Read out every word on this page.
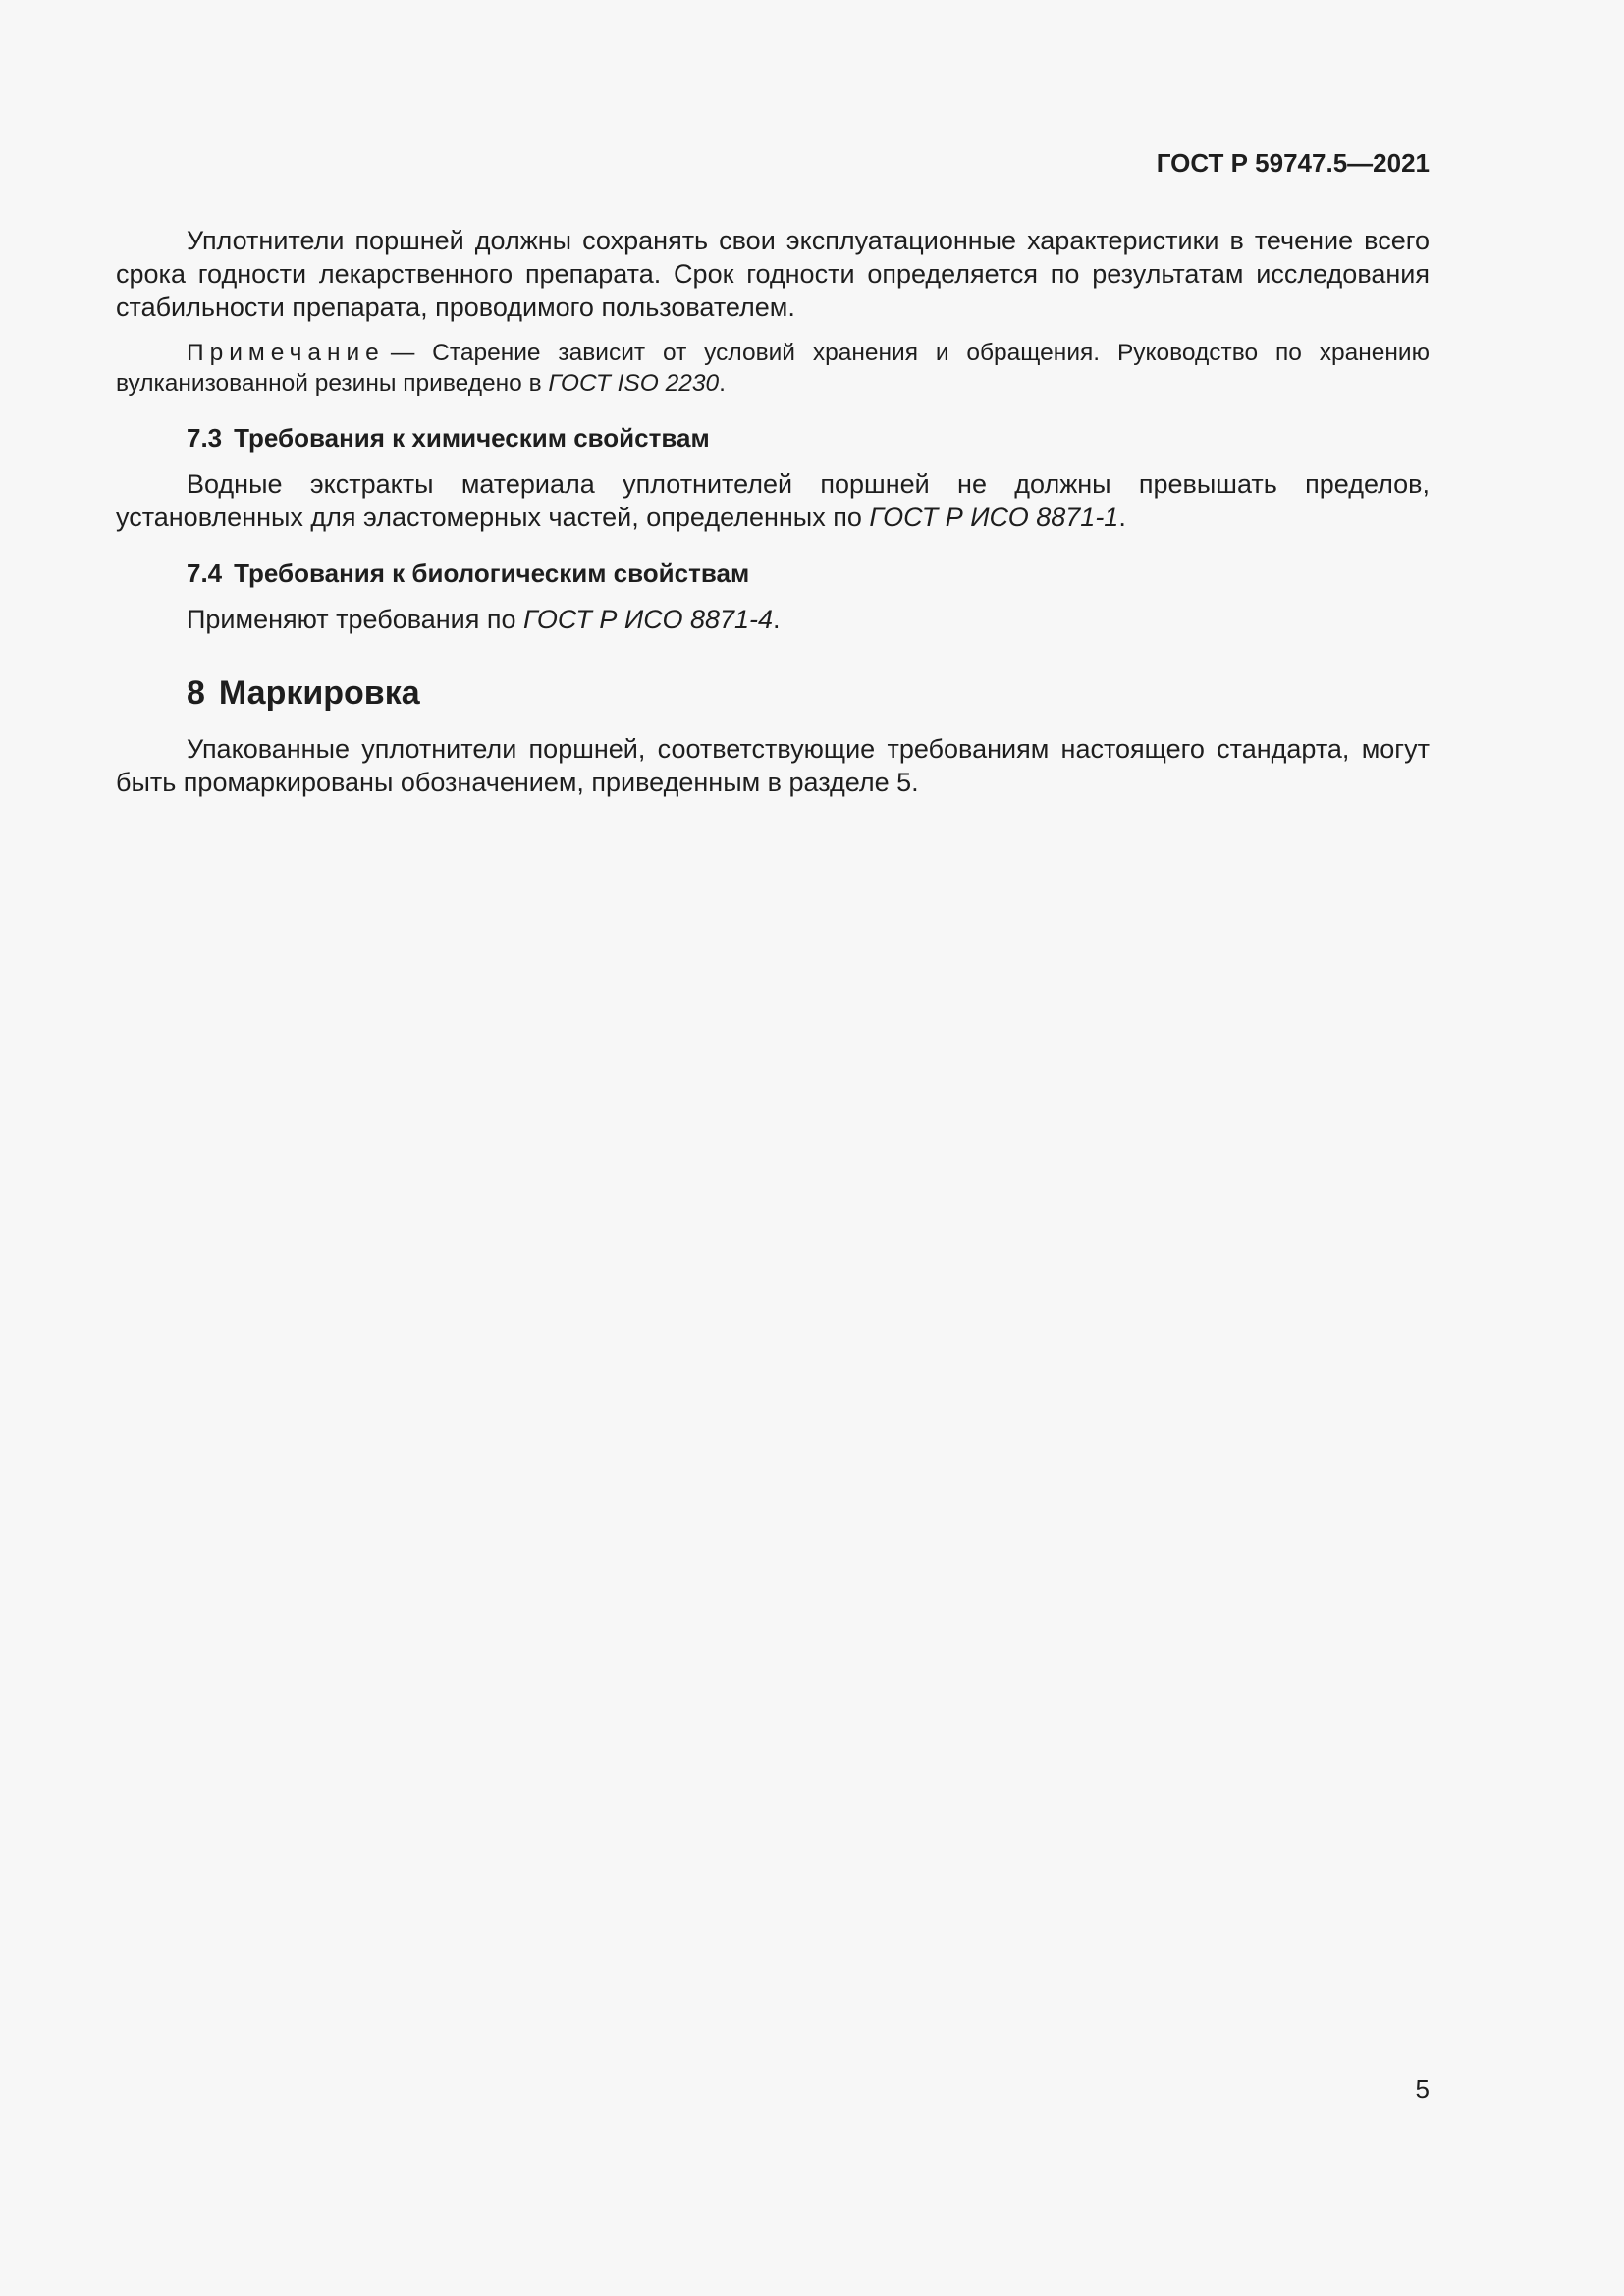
ГОСТ Р 59747.5—2021

Уплотнители поршней должны сохранять свои эксплуатационные характеристики в течение всего срока годности лекарственного препарата. Срок годности определяется по результатам исследования стабильности препарата, проводимого пользователем.

Примечание — Старение зависит от условий хранения и обращения. Руководство по хранению вулканизованной резины приведено в ГОСТ ISO 2230.

7.3 Требования к химическим свойствам

Водные экстракты материала уплотнителей поршней не должны превышать пределов, установленных для эластомерных частей, определенных по ГОСТ Р ИСО 8871-1.

7.4 Требования к биологическим свойствам

Применяют требования по ГОСТ Р ИСО 8871-4.

8 Маркировка

Упакованные уплотнители поршней, соответствующие требованиям настоящего стандарта, могут быть промаркированы обозначением, приведенным в разделе 5.

5
